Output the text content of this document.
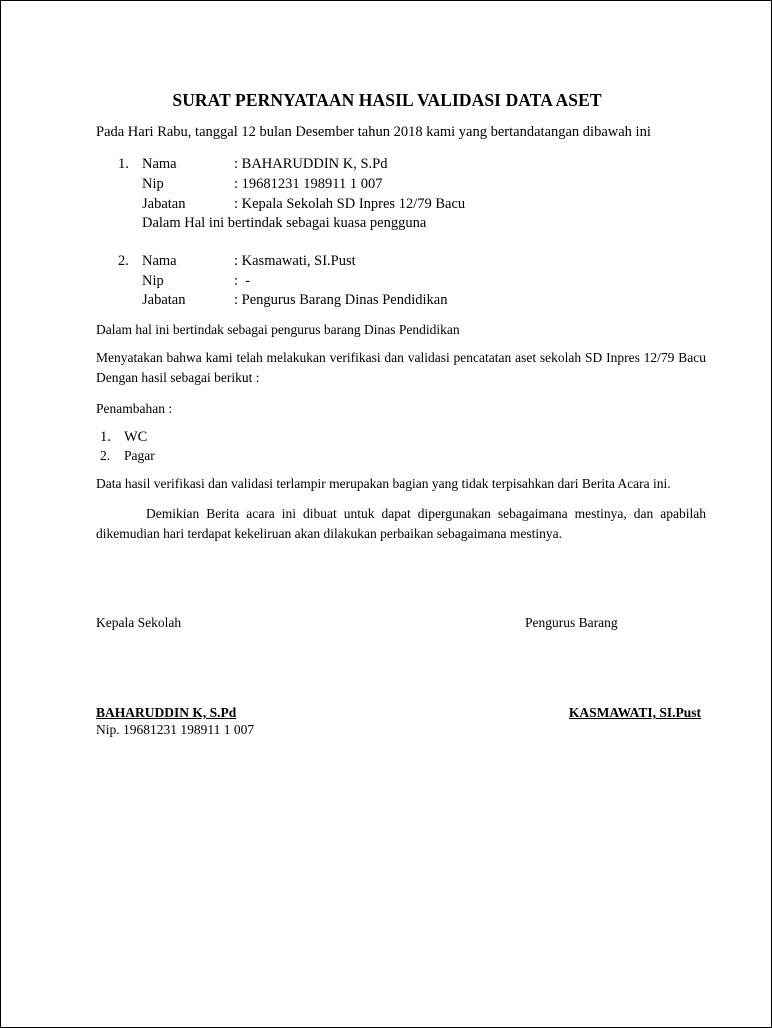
SURAT PERNYATAAN HASIL VALIDASI DATA ASET
Pada Hari Rabu, tanggal 12 bulan Desember tahun 2018 kami yang bertandatangan dibawah ini
1. Nama	: BAHARUDDIN K, S.Pd
Nip	: 19681231 198911 1 007
Jabatan	: Kepala Sekolah SD Inpres 12/79 Bacu
Dalam Hal ini bertindak sebagai kuasa pengguna
2. Nama	: Kasmawati, SI.Pust
Nip	:  -
Jabatan	: Pengurus Barang Dinas Pendidikan
Dalam hal ini bertindak sebagai pengurus barang Dinas Pendidikan
Menyatakan bahwa kami telah melakukan verifikasi dan validasi pencatatan aset sekolah SD Inpres 12/79 Bacu Dengan hasil sebagai berikut :
Penambahan :
1. WC
2. Pagar
Data hasil verifikasi dan validasi terlampir merupakan bagian yang tidak terpisahkan dari Berita Acara ini.
Demikian Berita acara ini dibuat untuk dapat dipergunakan sebagaimana mestinya, dan apabilah dikemudian hari terdapat kekeliruan akan dilakukan perbaikan sebagaimana mestinya.
Kepala Sekolah	Pengurus Barang
BAHARUDDIN K, S.Pd	KASMAWATI, SI.Pust
Nip. 19681231 198911 1 007
